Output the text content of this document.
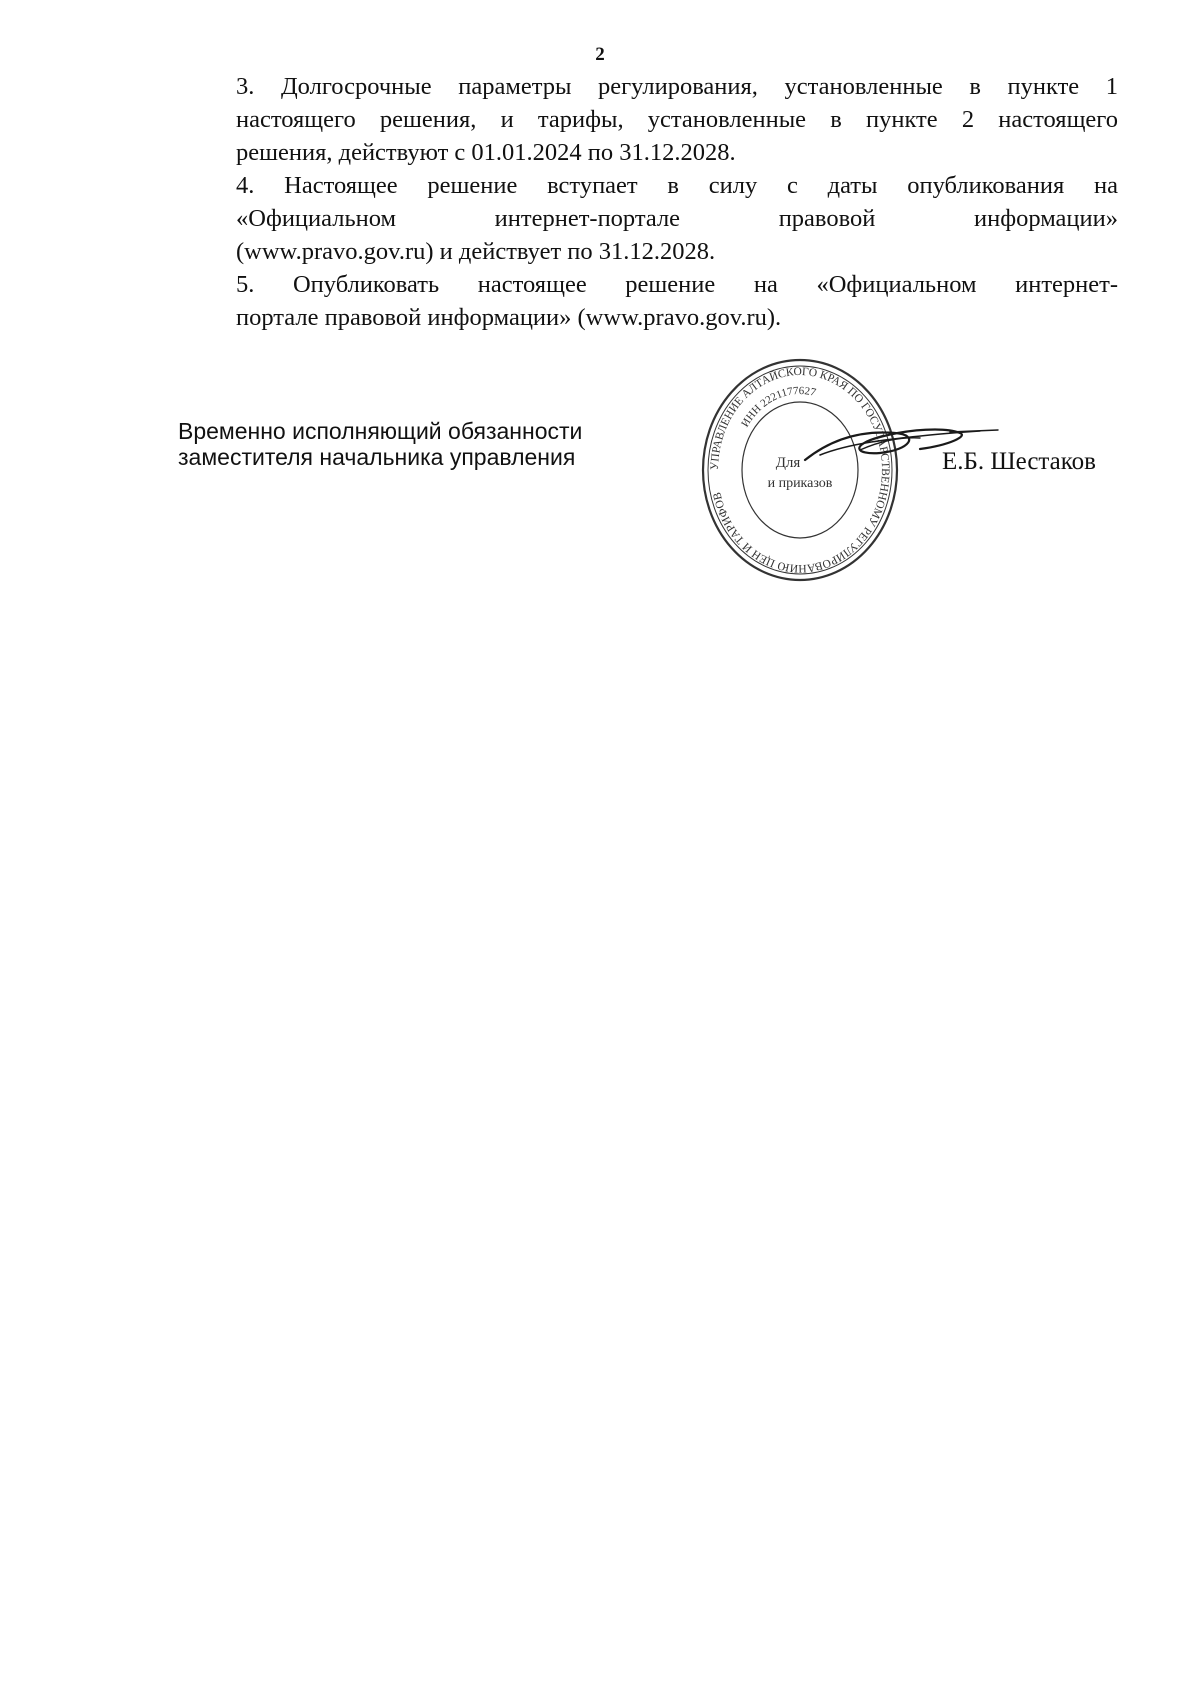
2

3. Долгосрочные параметры регулирования, установленные в пункте 1
настоящего решения, и тарифы, установленные в пункте 2 настоящего
решения, действуют с 01.01.2024 по 31.12.2028.

4. Настоящее решение вступает в силу с даты опубликования на
«Официальном интернет-портале правовой информации»
(www.pravo.gov.ru) и действует по 31.12.2028.

5. Опубликовать настоящее решение на «Официальном интернет-
портале правовой информации» (www.pravo.gov.ru).

Временно исполняющий обязанности
заместителя начальника управления	УПРАВЛЕНИЕ АЛТАЙСКОГО КРАЯ ПО ГОСУДАРСТВЕННОМУ РЕГУЛИРОВАНИЮ ЦЕН И ТАРИФОВ
ИНН 2221177627
Для
и приказов
Е.Б. Шестаков
